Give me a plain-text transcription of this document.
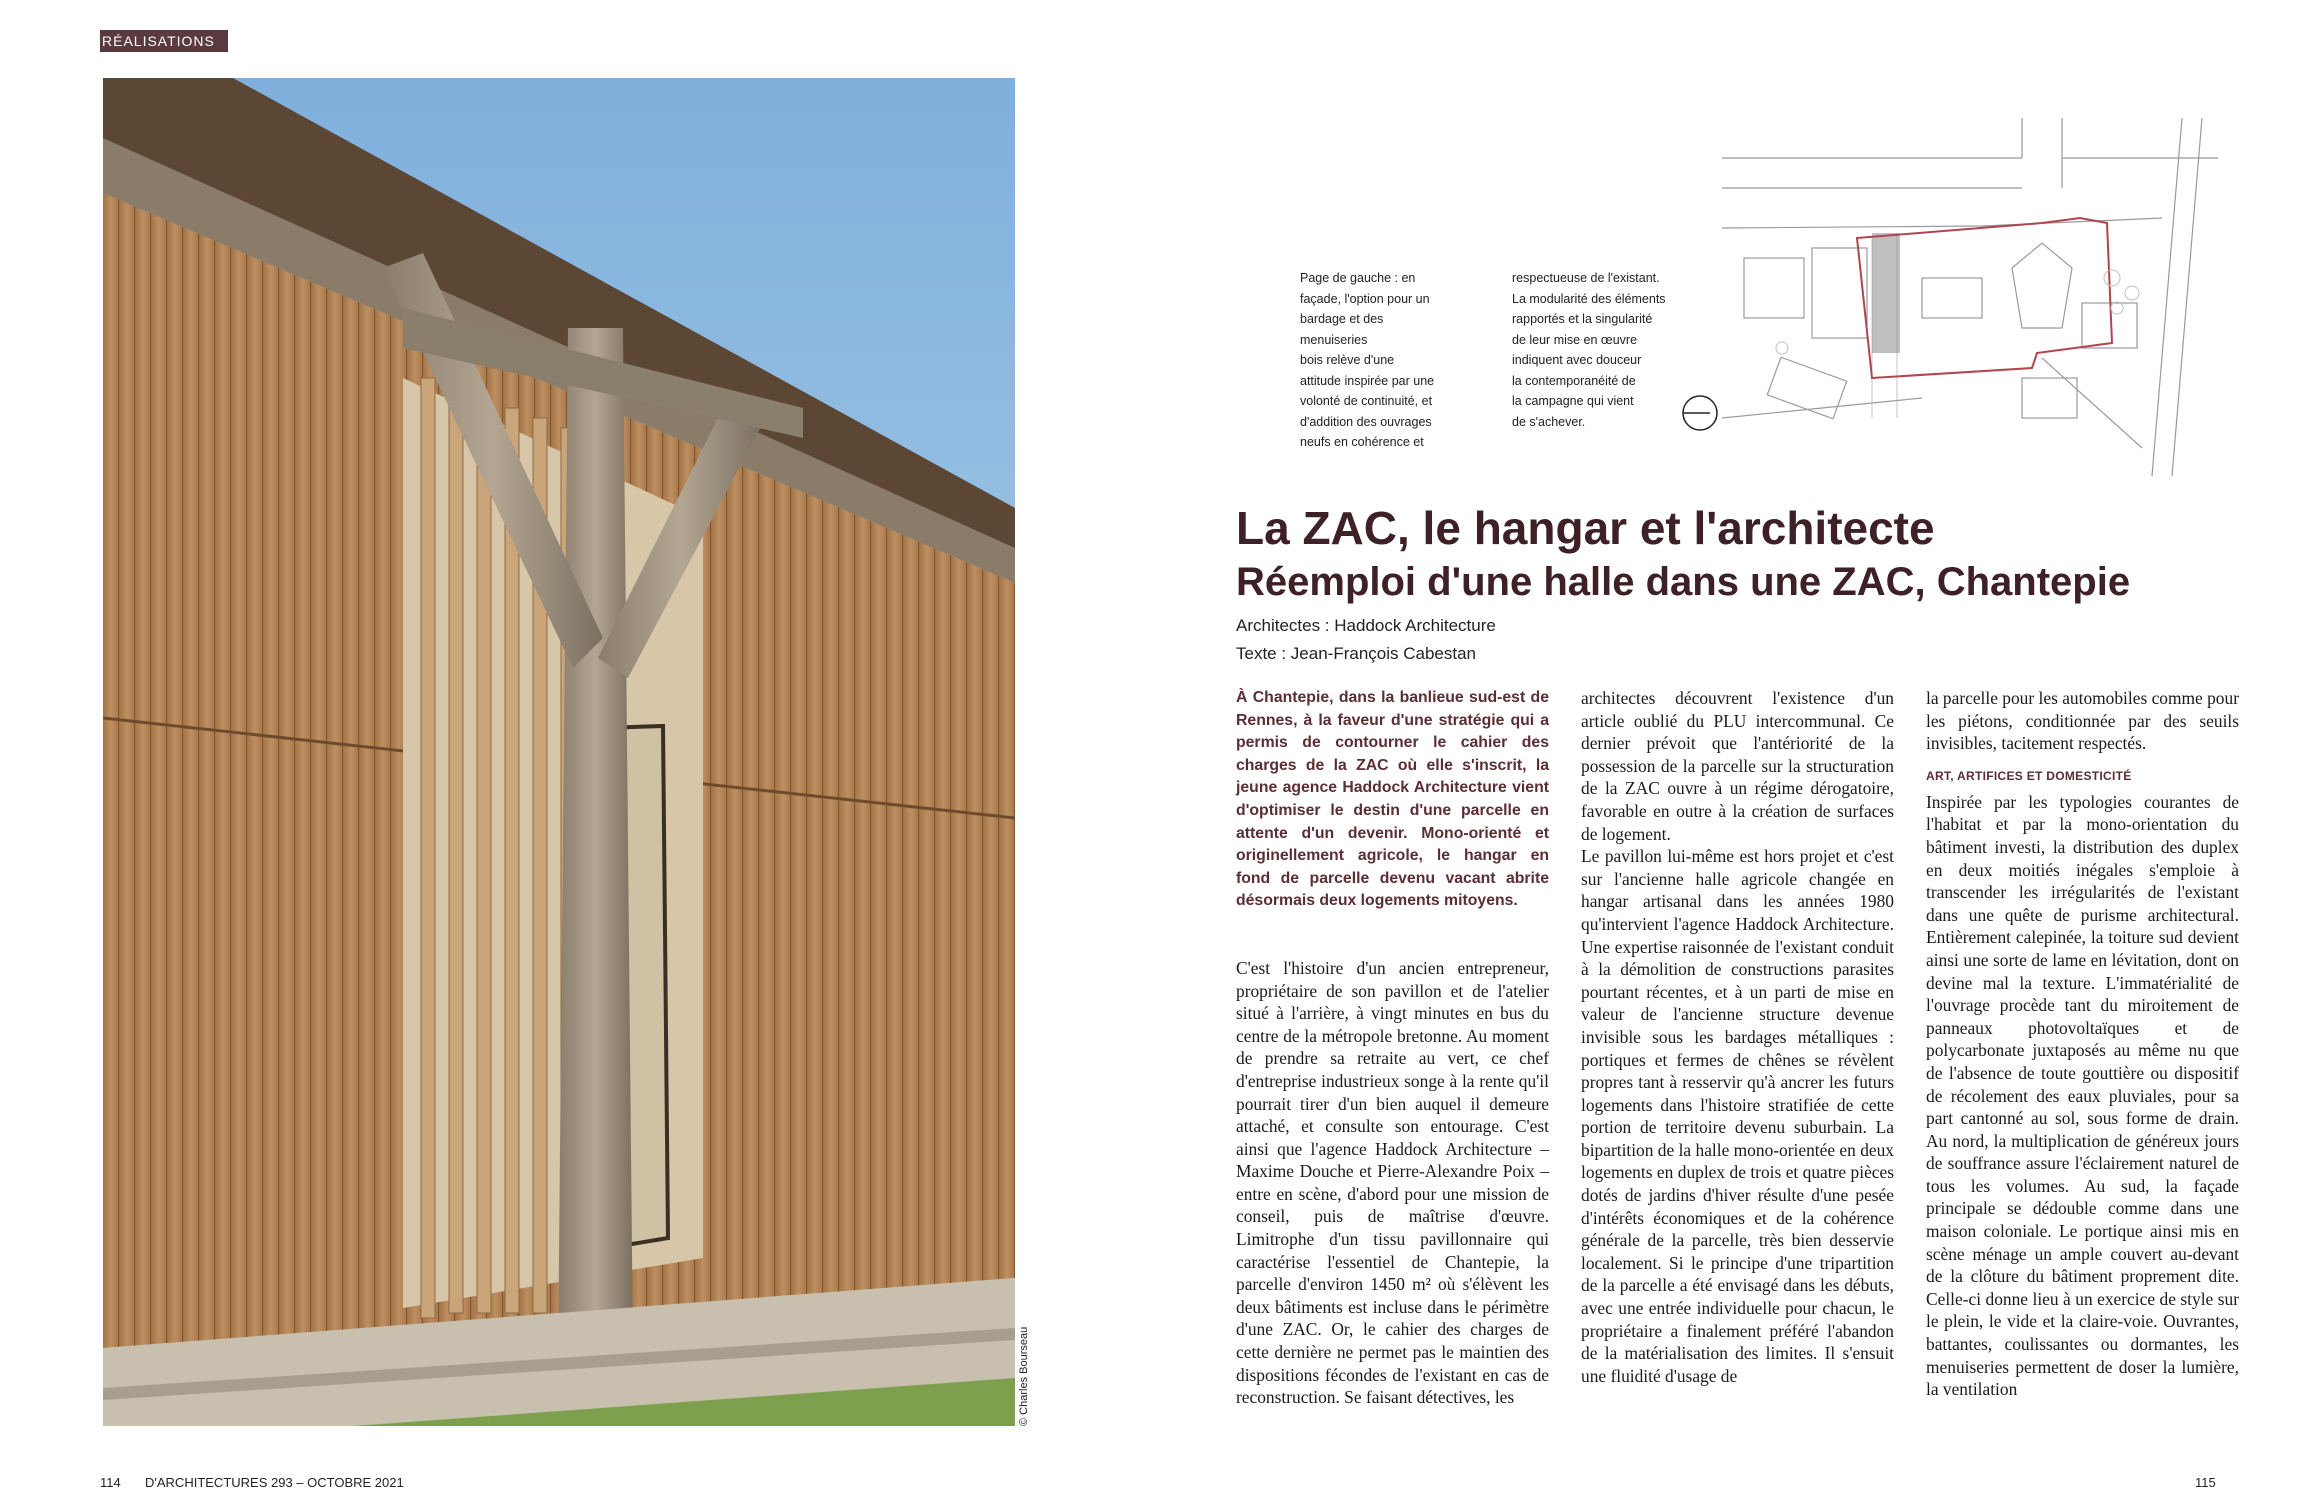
RÉALISATIONS
© Charles Bourseau

Page de gauche : en

façade, l'option pour un

bardage et des menuiseries

bois relève d'une

attitude inspirée par une

volonté de continuité, et

d'addition des ouvrages

neufs en cohérence et

respectueuse de l'existant.

La modularité des éléments

rapportés et la singularité

de leur mise en œuvre

indiquent avec douceur

la contemporanéité de

la campagne qui vient

de s'achever.

La ZAC, le hangar et l'architecte
Réemploi d'une halle dans une ZAC, Chantepie

Architectes : Haddock Architecture

Texte : Jean-François Cabestan

À Chantepie, dans la banlieue sud-est de Rennes, à la faveur d'une stratégie qui a permis de contourner le cahier des charges de la ZAC où elle s'inscrit, la jeune agence Haddock Architecture vient d'optimiser le destin d'une parcelle en attente d'un devenir. Mono-orienté et originellement agricole, le hangar en fond de parcelle devenu vacant abrite désormais deux logements mitoyens.

C'est l'histoire d'un ancien entrepreneur, propriétaire de son pavillon et de l'atelier situé à l'arrière, à vingt minutes en bus du centre de la métropole bretonne. Au moment de prendre sa retraite au vert, ce chef d'entreprise industrieux songe à la rente qu'il pourrait tirer d'un bien auquel il demeure attaché, et consulte son entourage. C'est ainsi que l'agence Haddock Architecture – Maxime Douche et Pierre-Alexandre Poix – entre en scène, d'abord pour une mission de conseil, puis de maîtrise d'œuvre. Limitrophe d'un tissu pavillonnaire qui caractérise l'essentiel de Chantepie, la parcelle d'environ 1450 m² où s'élèvent les deux bâtiments est incluse dans le périmètre d'une ZAC. Or, le cahier des charges de cette dernière ne permet pas le maintien des dispositions fécondes de l'existant en cas de reconstruction. Se faisant détectives, les

architectes découvrent l'existence d'un article oublié du PLU intercommunal. Ce dernier prévoit que l'antériorité de la possession de la parcelle sur la structuration de la ZAC ouvre à un régime dérogatoire, favorable en outre à la création de surfaces de logement.

Le pavillon lui-même est hors projet et c'est sur l'ancienne halle agricole changée en hangar artisanal dans les années 1980 qu'intervient l'agence Haddock Architecture. Une expertise raisonnée de l'existant conduit à la démolition de constructions parasites pourtant récentes, et à un parti de mise en valeur de l'ancienne structure devenue invisible sous les bardages métalliques : portiques et fermes de chênes se révèlent propres tant à resservir qu'à ancrer les futurs logements dans l'histoire stratifiée de cette portion de territoire devenu suburbain. La bipartition de la halle mono-orientée en deux logements en duplex de trois et quatre pièces dotés de jardins d'hiver résulte d'une pesée d'intérêts économiques et de la cohérence générale de la parcelle, très bien desservie localement. Si le principe d'une tripartition de la parcelle a été envisagé dans les débuts, avec une entrée individuelle pour chacun, le propriétaire a finalement préféré l'abandon de la matérialisation des limites. Il s'ensuit une fluidité d'usage de

la parcelle pour les automobiles comme pour les piétons, conditionnée par des seuils invisibles, tacitement respectés.

ART, ARTIFICES ET DOMESTICITÉ

Inspirée par les typologies courantes de l'habitat et par la mono-orientation du bâtiment investi, la distribution des duplex en deux moitiés inégales s'emploie à transcender les irrégularités de l'existant dans une quête de purisme architectural. Entièrement calepinée, la toiture sud devient ainsi une sorte de lame en lévitation, dont on devine mal la texture. L'immatérialité de l'ouvrage procède tant du miroitement de panneaux photovoltaïques et de polycarbonate juxtaposés au même nu que de l'absence de toute gouttière ou dispositif de récolement des eaux pluviales, pour sa part cantonné au sol, sous forme de drain. Au nord, la multiplication de généreux jours de souffrance assure l'éclairement naturel de tous les volumes. Au sud, la façade principale se dédouble comme dans une maison coloniale. Le portique ainsi mis en scène ménage un ample couvert au-devant de la clôture du bâtiment proprement dite. Celle-ci donne lieu à un exercice de style sur le plein, le vide et la claire-voie. Ouvrantes, battantes, coulissantes ou dormantes, les menuiseries permettent de doser la lumière, la ventilation

114 D'ARCHITECTURES 293 – OCTOBRE 2021	115
